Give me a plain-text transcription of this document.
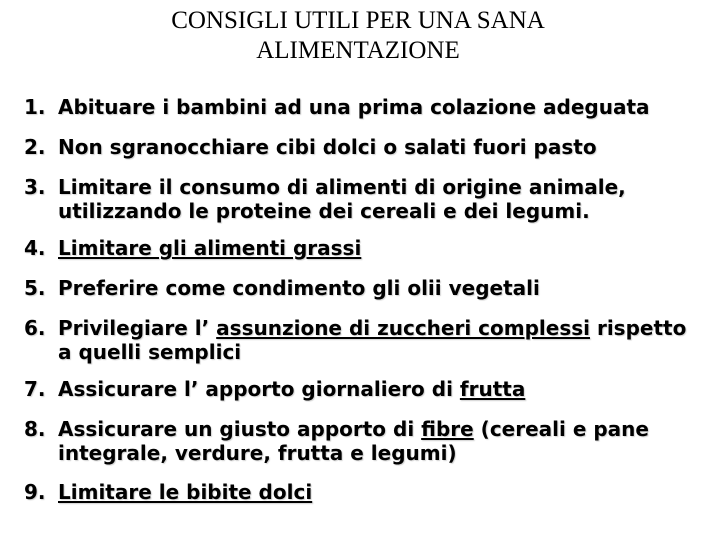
CONSIGLI UTILI PER UNA SANA
ALIMENTAZIONE
1. Abituare i bambini ad una prima colazione adeguata
2. Non sgranocchiare cibi dolci o salati fuori pasto
3. Limitare il consumo di alimenti di origine animale,
utilizzando le proteine dei cereali e dei legumi.
4. Limitare gli alimenti grassi
5. Preferire come condimento gli olii vegetali
6. Privilegiare l’ assunzione di zuccheri complessi rispetto
a quelli semplici
7. Assicurare l’ apporto giornaliero di frutta
8. Assicurare un giusto apporto di fibre (cereali e pane
integrale, verdure, frutta e legumi)
9. Limitare le bibite dolci
